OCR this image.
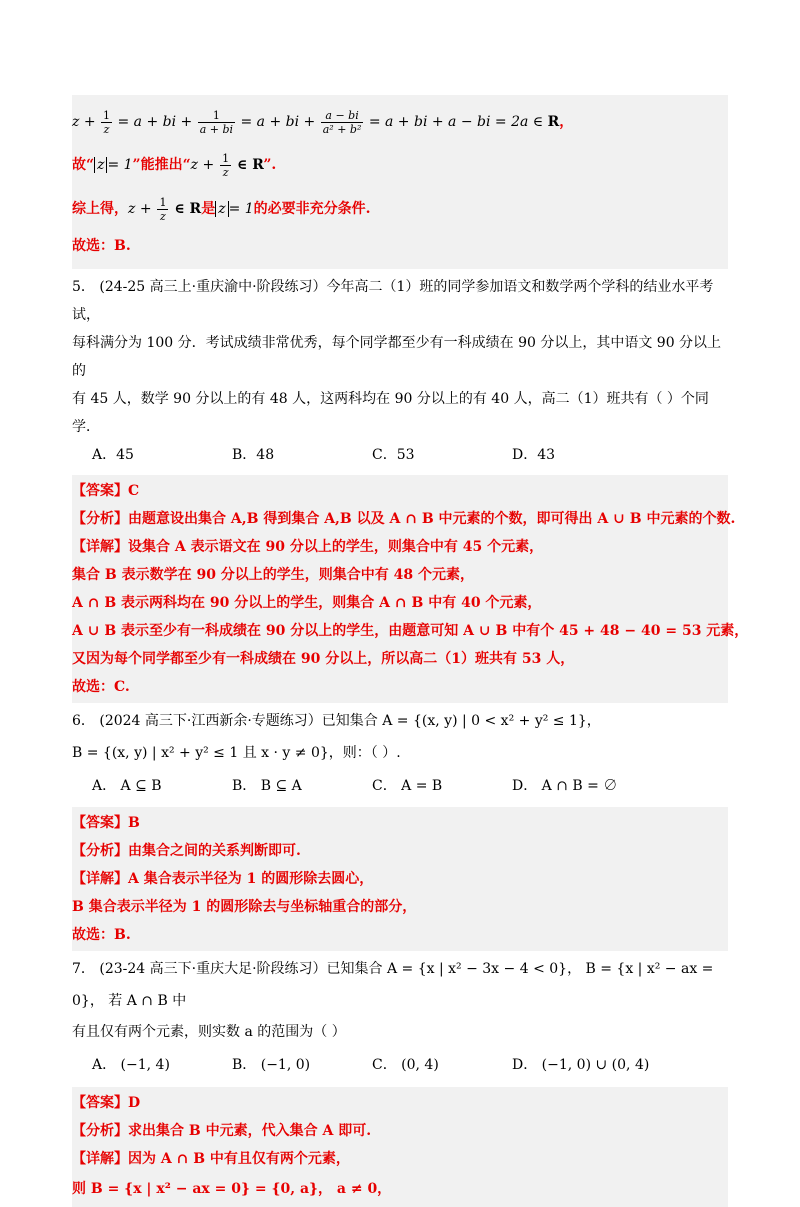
$z + \frac{1}{z} = a$ + bi + $\frac{1}{a + bi} = a$ + bi + $\frac{a - bi}{\text{a² + b²}} = a$ + bi + a − bi = 2a ∈ R，
故“ z = 1”能推出“$z + \frac{1}{z}$ ∈ R”.
综上得，$z + \frac{1}{z}$ ∈ R是 z = 1的必要非充分条件.
故选：B.
5． (24-25 高三上·重庆渝中·阶段练习）今年高二（1）班的同学参加语文和数学两个学科的结业水平考试，
每科满分为 100 分．考试成绩非常优秀，每个同学都至少有一科成绩在 90 分以上，其中语文 90 分以上的
有 45 人，数学 90 分以上的有 48 人，这两科均在 90 分以上的有 40 人，高二（1）班共有（ ）个同学．
A．45	B．48	C．53	D．43
【答案】C
【分析】由题意设出集合 A,B 得到集合 A,B 以及 A ∩ B 中元素的个数，即可得出 A ∪ B 中元素的个数.
【详解】设集合 A 表示语文在 90 分以上的学生，则集合中有 45 个元素，
集合 B 表示数学在 90 分以上的学生，则集合中有 48 个元素，
A ∩ B 表示两科均在 90 分以上的学生，则集合 A ∩ B 中有 40 个元素，
A ∪ B 表示至少有一科成绩在 90 分以上的学生，由题意可知 A ∪ B 中有个 45 + 48 − 40 = 53 元素，
又因为每个同学都至少有一科成绩在 90 分以上，所以高二（1）班共有 53 人，
故选：C.
6． (2024 高三下·江西新余·专题练习）已知集合 A = {(x, y) | 0 < x² + y² ≤ 1}，
B = {(x, y) | x² + y² ≤ 1 且 x · y ≠ 0}，则：（ ）.
A． A ⊆ B	B． B ⊆ A	C． A = B	D． A ∩ B = ∅
【答案】B
【分析】由集合之间的关系判断即可.
【详解】A 集合表示半径为 1 的圆形除去圆心，
B 集合表示半径为 1 的圆形除去与坐标轴重合的部分，
故选：B.
7． (23-24 高三下·重庆大足·阶段练习）已知集合 A = {x | x² − 3x − 4 < 0}， B = {x | x² − ax = 0}， 若 A ∩ B 中
有且仅有两个元素，则实数 a 的范围为（ ）
A． (−1, 4)	B． (−1, 0)	C． (0, 4)	D． (−1, 0) ∪ (0, 4)
【答案】D
【分析】求出集合 B 中元素，代入集合 A 即可.
【详解】因为 A ∩ B 中有且仅有两个元素，
则 B = {x | x² − ax = 0} = {0, a}， a ≠ 0，
